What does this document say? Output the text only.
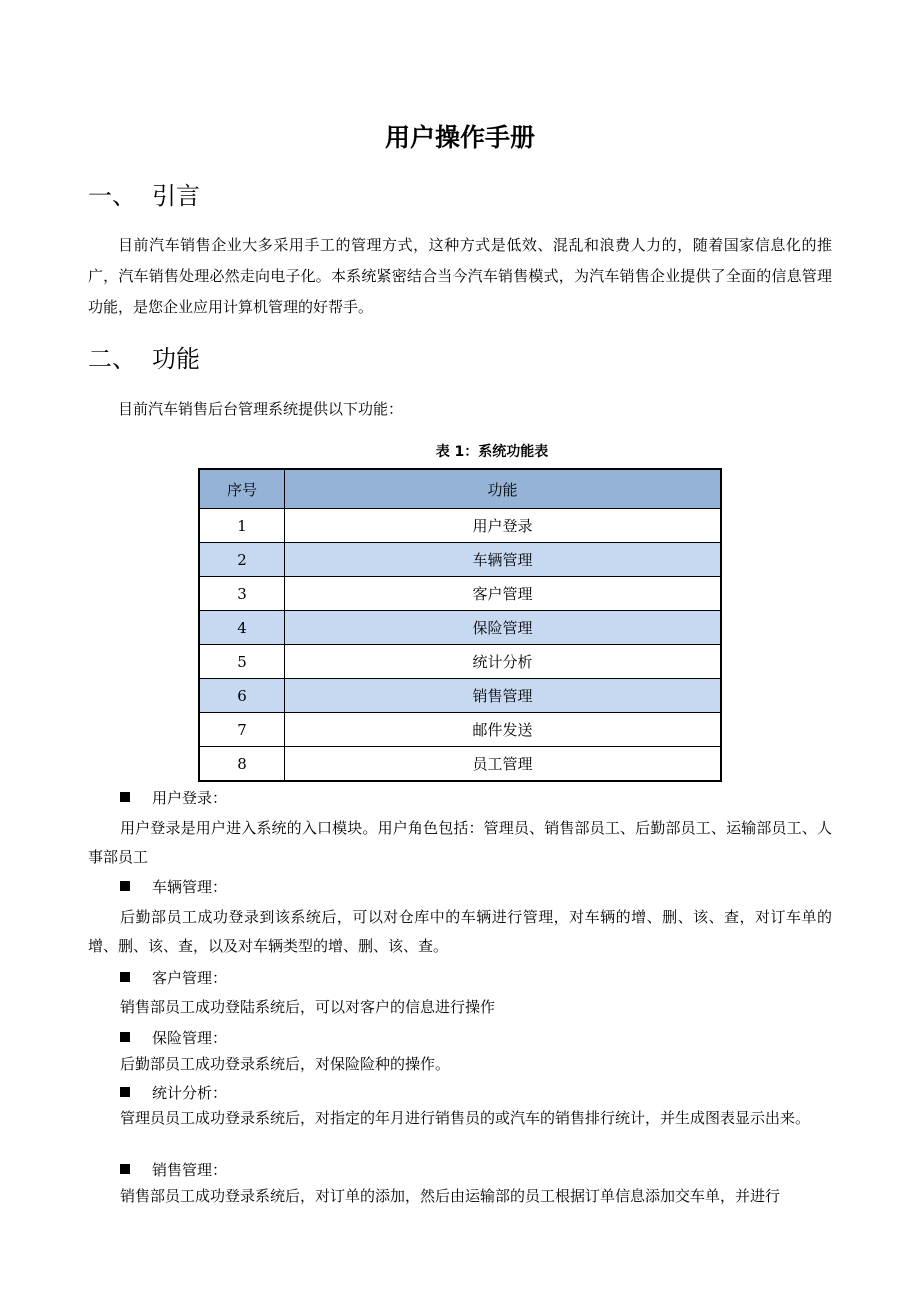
用户操作手册
一、 引言
目前汽车销售企业大多采用手工的管理方式，这种方式是低效、混乱和浪费人力的，随着国家信息化的推广，汽车销售处理必然走向电子化。本系统紧密结合当今汽车销售模式，为汽车销售企业提供了全面的信息管理功能，是您企业应用计算机管理的好帮手。
二、 功能
目前汽车销售后台管理系统提供以下功能：
表 1：系统功能表
序号	功能
1	用户登录
2	车辆管理
3	客户管理
4	保险管理
5	统计分析
6	销售管理
7	邮件发送
8	员工管理
用户登录：
用户登录是用户进入系统的入口模块。用户角色包括：管理员、销售部员工、后勤部员工、运输部员工、人事部员工
车辆管理：
后勤部员工成功登录到该系统后，可以对仓库中的车辆进行管理，对车辆的增、删、该、查，对订车单的增、删、该、查，以及对车辆类型的增、删、该、查。
客户管理：
销售部员工成功登陆系统后，可以对客户的信息进行操作
保险管理：
后勤部员工成功登录系统后，对保险险种的操作。
统计分析：
管理员员工成功登录系统后，对指定的年月进行销售员的或汽车的销售排行统计，并生成图表显示出来。
销售管理：
销售部员工成功登录系统后，对订单的添加，然后由运输部的员工根据订单信息添加交车单，并进行
